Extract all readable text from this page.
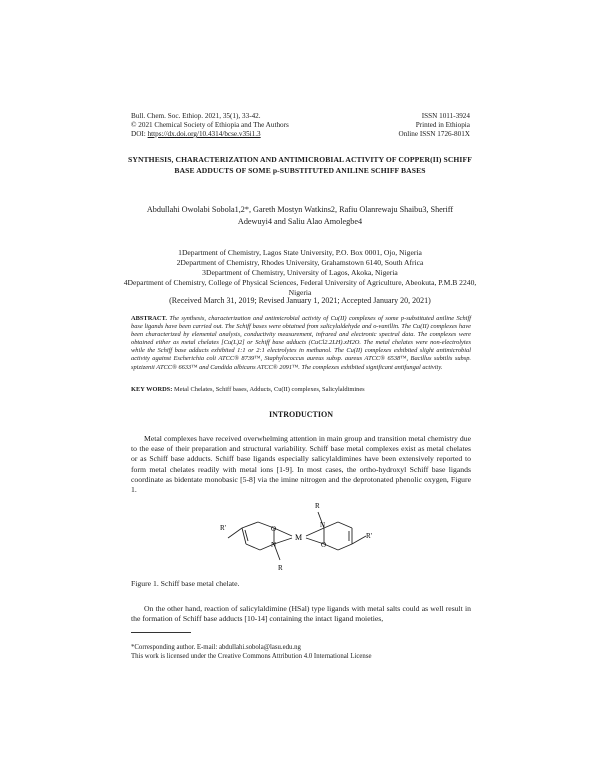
Bull. Chem. Soc. Ethiop. 2021, 35(1), 33-42.
© 2021 Chemical Society of Ethiopia and The Authors
DOI: https://dx.doi.org/10.4314/bcse.v35i1.3
ISSN 1011-3924
Printed in Ethiopia
Online ISSN 1726-801X
SYNTHESIS, CHARACTERIZATION AND ANTIMICROBIAL ACTIVITY OF COPPER(II) SCHIFF BASE ADDUCTS OF SOME p-SUBSTITUTED ANILINE SCHIFF BASES
Abdullahi Owolabi Sobola1,2*, Gareth Mostyn Watkins2, Rafiu Olanrewaju Shaibu3, Sheriff Adewuyi4 and Saliu Alao Amolegbe4
1Department of Chemistry, Lagos State University, P.O. Box 0001, Ojo, Nigeria
2Department of Chemistry, Rhodes University, Grahamstown 6140, South Africa
3Department of Chemistry, University of Lagos, Akoka, Nigeria
4Department of Chemistry, College of Physical Sciences, Federal University of Agriculture, Abeokuta, P.M.B 2240, Nigeria
(Received March 31, 2019; Revised January 1, 2021; Accepted January 20, 2021)
ABSTRACT. The synthesis, characterization and antimicrobial activity of Cu(II) complexes of some p-substituted aniline Schiff base ligands have been carried out. The Schiff bases were obtained from salicylaldehyde and o-vanillin. The Cu(II) complexes have been characterized by elemental analysis, conductivity measurement, infrared and electronic spectral data. The complexes were obtained either as metal chelates [Cu(L)2] or Schiff base adducts (CuCl2.2LH).xH2O. The metal chelates were non-electrolytes while the Schiff base adducts exhibited 1:1 or 2:1 electrolytes in methanol. The Cu(II) complexes exhibited slight antimicrobial activity against Escherichia coli ATCC® 8739™, Staphylococcus aureus subsp. aureus ATCC® 6538™, Bacillus subtilis subsp. spizizenii ATCC® 6633™ and Candida albicans ATCC® 2091™. The complexes exhibited significant antifungal activity.
KEY WORDS: Metal Chelates, Schiff bases, Adducts, Cu(II) complexes, Salicylaldimines
INTRODUCTION
Metal complexes have received overwhelming attention in main group and transition metal chemistry due to the ease of their preparation and structural variability. Schiff base metal complexes exist as metal chelates or as Schiff base adducts. Schiff base ligands especially salicylaldimines have been extensively reported to form metal chelates readily with metal ions [1-9]. In most cases, the ortho-hydroxyl Schiff base ligands coordinate as bidentate monobasic [5-8] via the imine nitrogen and the deprotonated phenolic oxygen, Figure 1.
R
R'	N
M
O
O
N
R'
R
Figure 1. Schiff base metal chelate.
On the other hand, reaction of salicylaldimine (HSal) type ligands with metal salts could as well result in the formation of Schiff base adducts [10-14] containing the intact ligand moieties,
*Corresponding author. E-mail: abdullahi.sobola@lasu.edu.ng
This work is licensed under the Creative Commons Attribution 4.0 International License
